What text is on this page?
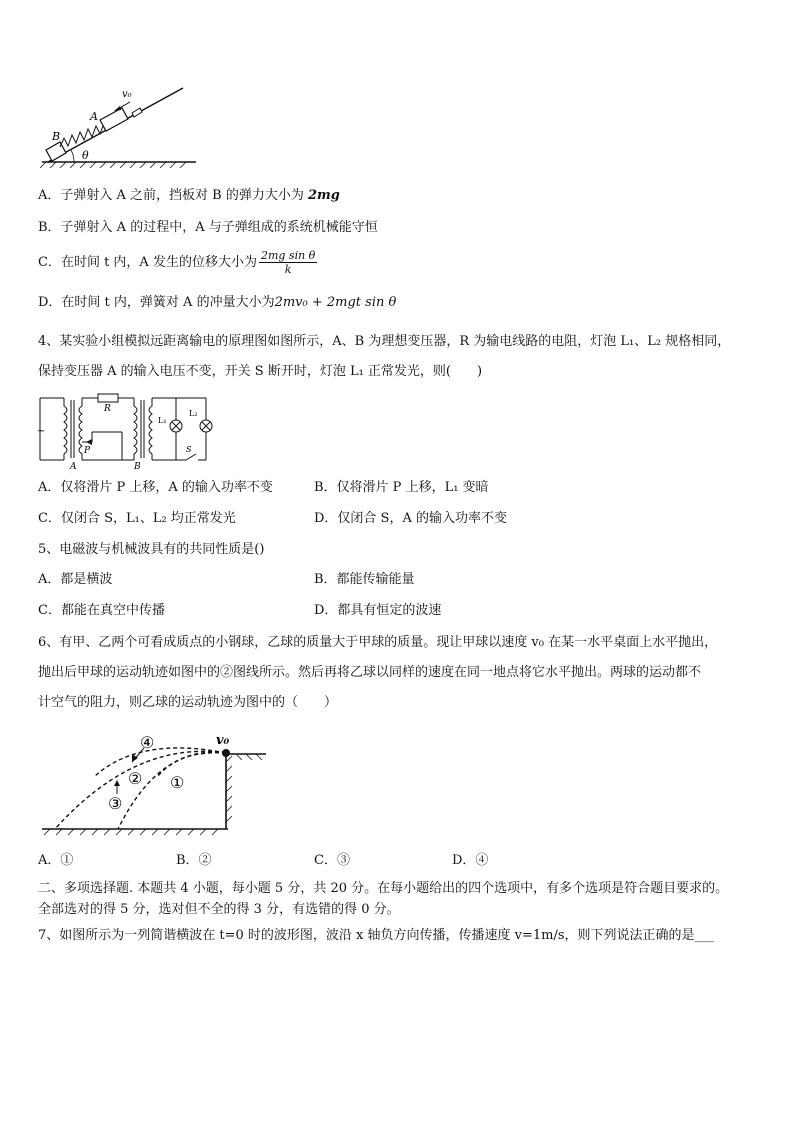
v₀
A
B
θ
A．子弹射入 A 之前，挡板对 B 的弹力大小为 2mg
B．子弹射入 A 的过程中，A 与子弹组成的系统机械能守恒
C．在时间 t 内，A 发生的位移大小为 $\frac{\text{2mg sin θ}}{k}$
D．在时间 t 内，弹簧对 A 的冲量大小为2mv₀ + 2mgt sin θ
4、某实验小组模拟远距离输电的原理图如图所示，A、B 为理想变压器，R 为输电线路的电阻，灯泡 L₁、L₂ 规格相同，
保持变压器 A 的输入电压不变，开关 S 断开时，灯泡 L₁ 正常发光，则(　　)
~
R
P
A	B
L₁
L₂
S
A．仅将滑片 P 上移，A 的输入功率不变	B．仅将滑片 P 上移，L₁ 变暗
C．仅闭合 S，L₁、L₂ 均正常发光	D．仅闭合 S，A 的输入功率不变
5、电磁波与机械波具有的共同性质是()
A．都是横波	B．都能传输能量
C．都能在真空中传播	D．都具有恒定的波速
6、有甲、乙两个可看成质点的小钢球，乙球的质量大于甲球的质量。现让甲球以速度 v₀ 在某一水平桌面上水平抛出，
抛出后甲球的运动轨迹如图中的②图线所示。然后再将乙球以同样的速度在同一地点将它水平抛出。两球的运动都不
计空气的阻力，则乙球的运动轨迹为图中的（　　）
v₀
①
②
③
④
A．①	B．②	C．③	D．④
二、多项选择题. 本题共 4 小题，每小题 5 分，共 20 分。在每小题给出的四个选项中，有多个选项是符合题目要求的。
全部选对的得 5 分，选对但不全的得 3 分，有选错的得 0 分。
7、如图所示为一列简谐横波在 t=0 时的波形图，波沿 x 轴负方向传播，传播速度 v=1m/s，则下列说法正确的是___
